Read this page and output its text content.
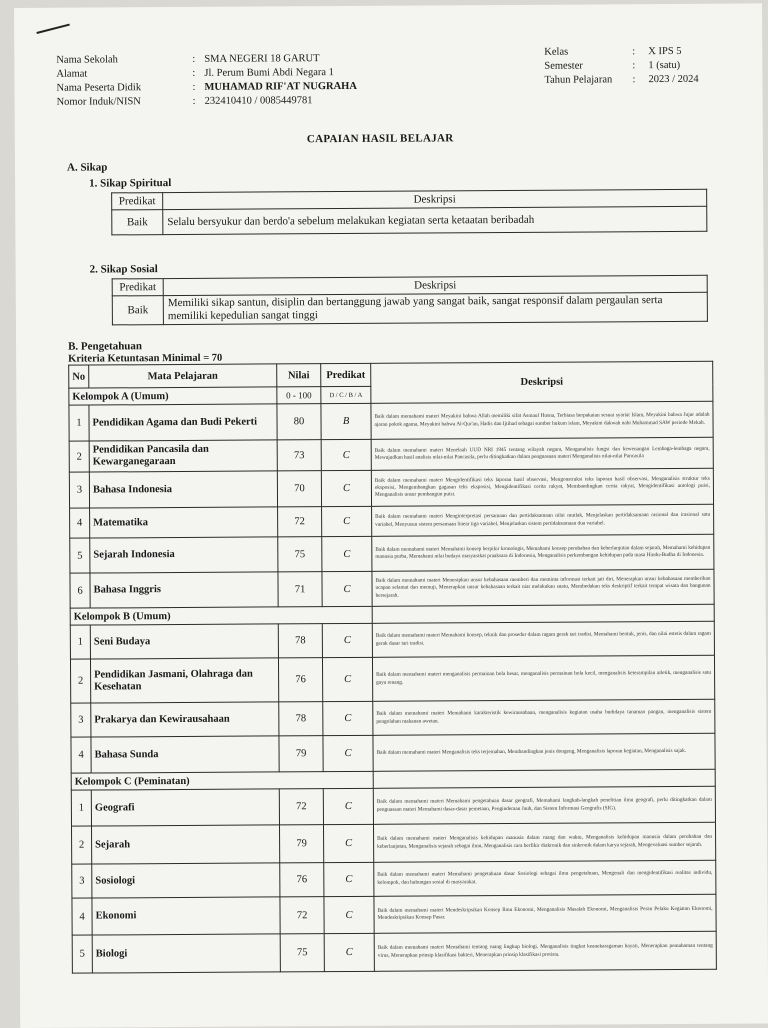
Nama Sekolah	: SMA NEGERI 18 GARUT
Alamat	: Jl. Perum Bumi Abdi Negara 1
Nama Peserta Didik	: MUHAMAD RIF'AT NUGRAHA
Nomor Induk/NISN	: 232410410 / 0085449781
Kelas	:	X IPS 5
Semester	:	1 (satu)
Tahun Pelajaran	:	2023 / 2024
CAPAIAN HASIL BELAJAR
A. Sikap
1. Sikap Spiritual
Predikat	Deskripsi
Baik	Selalu bersyukur dan berdo'a sebelum melakukan kegiatan serta ketaatan beribadah
2. Sikap Sosial
Predikat	Deskripsi
Baik	Memiliki sikap santun, disiplin dan bertanggung jawab yang sangat baik, sangat responsif dalam pergaulan serta memiliki kepedulian sangat tinggi
B. Pengetahuan
Kriteria Ketuntasan Minimal = 70
No	Mata Pelajaran	Nilai	Predikat	Deskripsi
Kelompok A (Umum)		0 - 100	D / C / B / A	
1	Pendidikan Agama dan Budi Pekerti	80	B	Baik dalam memahami materi Meyakini bahwa Allah memiliki sifat Asmaul Husna, Terbiasa berpakaian sesuai syariat Islam, Meyakini bahwa Jujur adalah ajaran pokok agama, Meyakini bahwa Al-Qur'an, Hadis dan Ijtihad sebagai sumber hukum islam, Meyakini dakwah nabi Muhammad SAW periode Mekah.
2	Pendidikan Pancasila dan Kewarganegaraan	73	C	Baik dalam memahami materi Menelaah UUD NRI 1945 tentang wilayah negara, Menganalisis fungsi dan kewenangan Lembaga-lembaga negara, Mewujudkan hasil analisis nilai-nilai Pancasila, perlu ditingkatkan dalam penguasaan materi Menganalisis nilai-nilai Pancasila
3	Bahasa Indonesia	70	C	Baik dalam memahami materi Mengidentifikasi teks laporan hasil observasi, Mengonstruksi teks laporan hasil observasi, Menganalisis struktur teks eksposisi, Mengembangkan gagasan teks eksposisi, Mengidentifikasi cerita rakyat, Membandingkan cerita rakyat, Mengidentifikasi antologi puisi, Menganalisis unsur pembangun puisi.
4	Matematika	72	C	Baik dalam memahami materi Menginterpretasi persamaan dan pertidaksamaan nilai mutlak, Menjelaskan pertidaksamaan rasional dan irasional satu variabel, Menyusun sistem persamaan linear tiga variabel, Menjelaskan sistem pertidaksamaan dua variabel.
5	Sejarah Indonesia	75	C	Baik dalam memahami materi Memahami konsep berpikir kronologis, Memahami konsep perubahan dan keberlanjutan dalam sejarah, Memahami kehidupan manusia purba, Memahami nilai budaya masyarakat praaksara di Indonesia, Menganalisis perkembangan kehidupan pada masa Hindu-Budha di Indonesia.
6	Bahasa Inggris	71	C	Baik dalam memahami materi Menerapkan unsur kebahasaan memberi dan meminta informasi terkait jati diri, Menerapkan unsur kebahasaan memberikan ucapan selamat dan memuji, Menerapkan unsur kebahasaan terkait niat melakukan suatu, Membedakan teks deskriptif terkait tempat wisata dan bangunan bersejarah.
Kelompok B (Umum)				
1	Seni Budaya	78	C	Baik dalam memahami materi Memahami konsep, teknik dan prosedur dalam ragam gerak tari tradisi, Memahami bentuk, jenis, dan nilai estetis dalam ragam gerak dasar tari tradisi.
2	Pendidikan Jasmani, Olahraga dan Kesehatan	76	C	Baik dalam memahami materi menganalisis permainan bola besar, menganalisis permainan bola kecil, menganalisis keterampilan atletik, menganalisis satu gaya renang.
3	Prakarya dan Kewirausahaan	78	C	Baik dalam memahami materi Memahami karakteristik kewirausahaan, menganalisis kegiatan usaha budidaya tanaman pangan, menganalisis sistem pengolahan makanan awetan.
4	Bahasa Sunda	79	C	Baik dalam memahami materi Menganalisis teks terjemahan, Membandingkan jenis dongeng, Menganalisis laporan kegiatan, Menganalisis sajak.
Kelompok C (Peminatan)				
1	Geografi	72	C	Baik dalam memahami materi Memahami pengetahuan dasar geografi, Memahami langkah-langkah penelitian ilmu geografi, perlu ditingkatkan dalam penguasaan materi Memahami dasar-dasar pemetaan, Penginderaan Jauh, dan Sistem Informasi Geografis (SIG).
2	Sejarah	79	C	Baik dalam memahami materi Menganalisis kehidupan manusia dalam ruang dan waktu, Menganalisis kehidupan manusia dalam perubahan dan keberlanjutan, Menganalisis sejarah sebagai ilmu, Menganalisis cara berfikir diakronik dan sinkronik dalam karya sejarah, Mengevaluasi sumber sejarah.
3	Sosiologi	76	C	Baik dalam memahami materi Memahami pengetahuan dasar Sosiologi sebagai ilmu pengetahuan, Mengenali dan mengidentifikasi realitas individu, kelompok, dan hubungan sosial di masyarakat.
4	Ekonomi	72	C	Baik dalam memahami materi Mendeskripsikan Konsep Ilmu Ekonomi, Menganalisis Masalah Ekonomi, Menganalisis Peran Pelaku Kegiatan Ekonomi, Mendeskripsikan Konsep Pasar.
5	Biologi	75	C	Baik dalam memahami materi Memahami tentang ruang lingkup biologi, Menganalisis tingkat keanekaragaman hayati, Menerapkan pemahaman tentang virus, Menerapkan prinsip klasifikasi bakteri, Menerapkan prinsip klasifikasi protista.
